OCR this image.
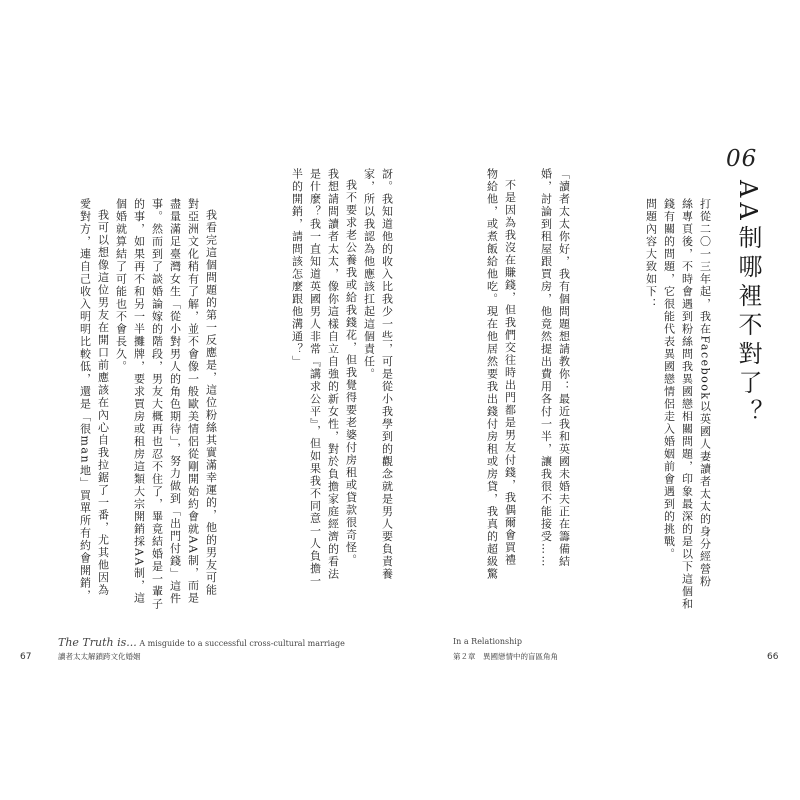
06
AA制哪裡不對了？
打從二〇一三年起，我在Facebook以英國人妻讀者太太的身分經營粉
絲專頁後，不時會遇到粉絲問我異國戀相關問題，印象最深的是以下這個和
錢有關的問題，它很能代表異國戀情侶走入婚姻前會遇到的挑戰。
問題內容大致如下：
「讀者太太你好，我有個問題想請教你：最近我和英國未婚夫正在籌備結
婚，討論到租屋跟買房，他竟然提出費用各付一半，讓我很不能接受……
不是因為我沒在賺錢，但我們交往時出門都是男友付錢，我偶爾會買禮
物給他，或煮飯給他吃。現在他居然要我出錢付房租或房貸，我真的超級驚
In a Relationship
第２章　異國戀情中的盲區角角	66
訝。我知道他的收入比我少一些，可是從小我學到的觀念就是男人要負責養
家，所以我認為他應該扛起這個責任。
我不要求老公養我或給我錢花，但我覺得要老婆付房租或貸款很奇怪。
我想請問讀者太太，像你這樣自立自強的新女性，對於負擔家庭經濟的看法
是什麼？我一直知道英國男人非常『講求公平』，但如果我不同意一人負擔一
半的開銷，請問該怎麼跟他溝通？」
我看完這個問題的第一反應是，這位粉絲其實滿幸運的，他的男友可能
對亞洲文化稍有了解，並不會像一般歐美情侶從剛開始約會就AA制，而是
盡量滿足臺灣女生「從小對男人的角色期待」，努力做到「出門付錢」這件
事。然而到了談婚論嫁的階段，男友大概再也忍不住了，畢竟結婚是一輩子
的事，如果再不和另一半攤牌，要求買房或租房這類大宗開銷採AA制，這
個婚就算結了可能也不會長久。
我可以想像這位男友在開口前應該在內心自我拉鋸了一番，尤其他因為
愛對方，連自己收入明明比較低，還是「很man地」買單所有約會開銷，
The Truth is... A misguide to a successful cross-cultural marriage
讀者太太解鎖跨文化婚姻
67
